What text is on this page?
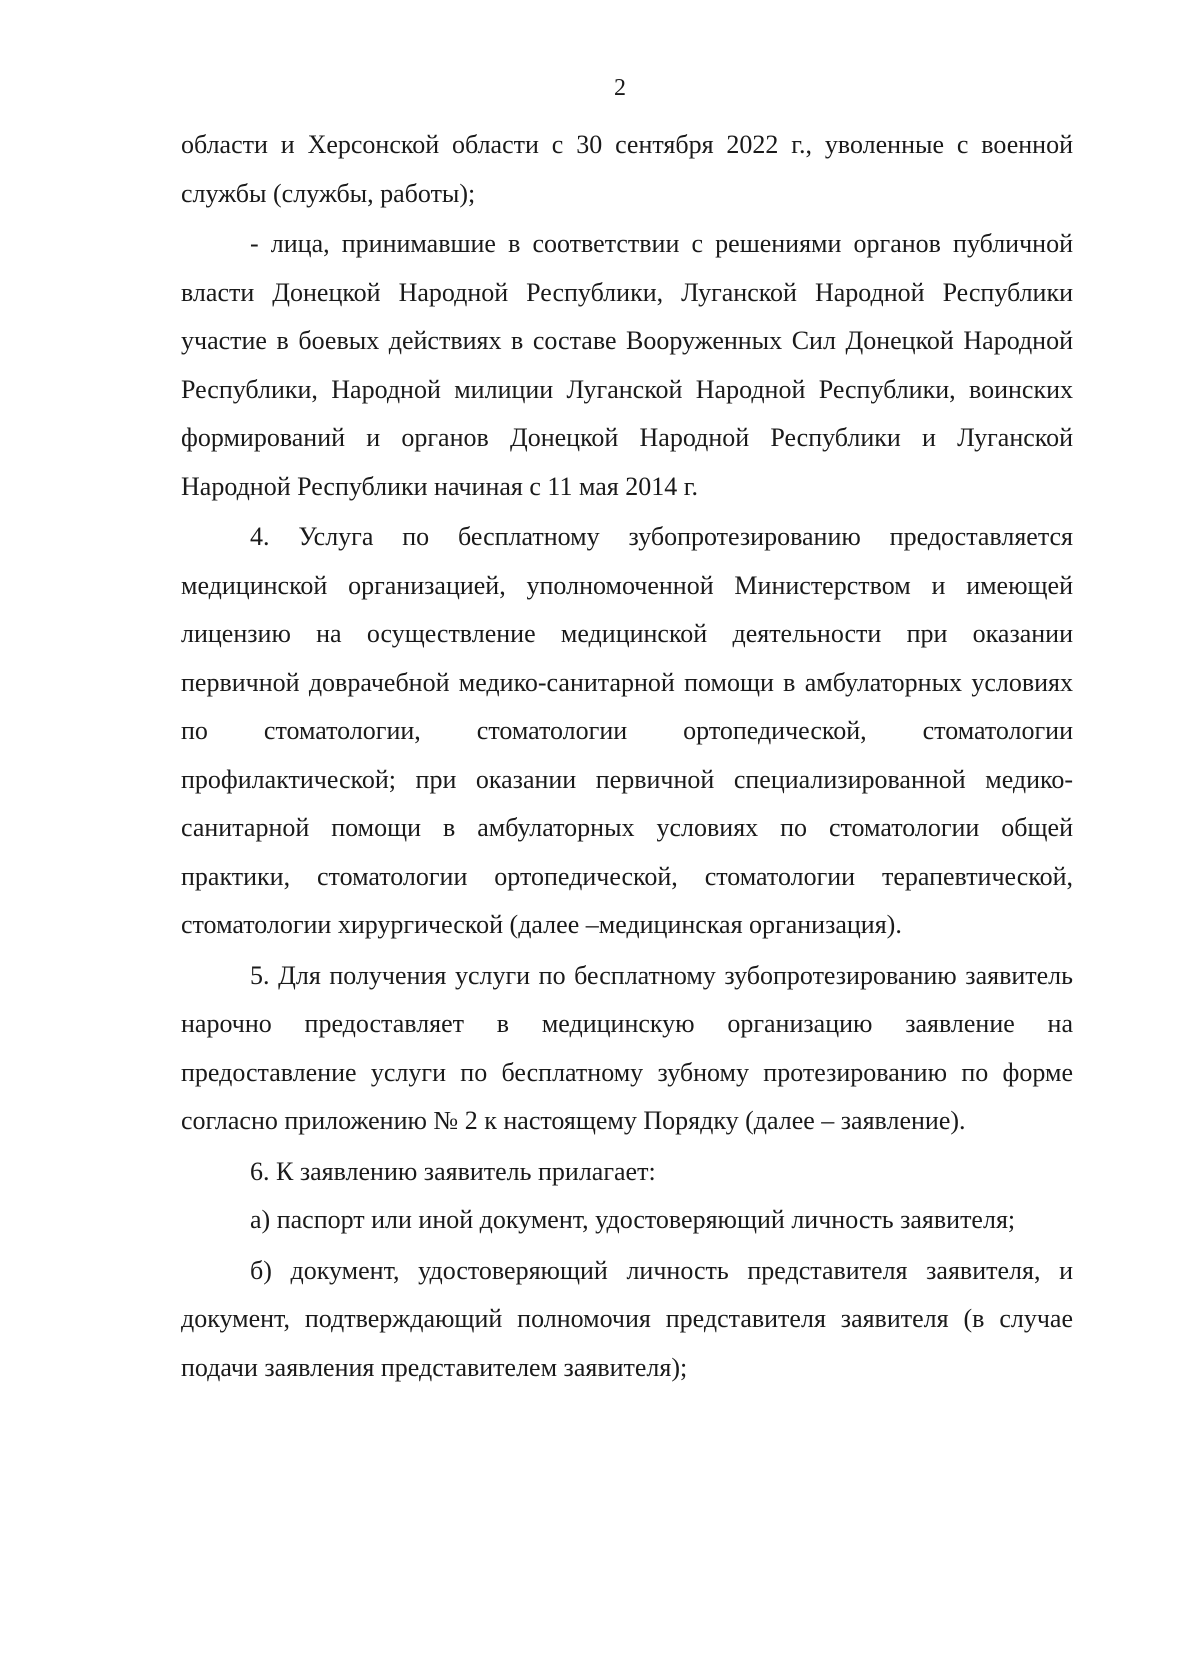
2

области и Херсонской области с 30 сентября 2022 г., уволенные с военной службы (службы, работы);

- лица, принимавшие в соответствии с решениями органов публичной власти Донецкой Народной Республики, Луганской Народной Республики участие в боевых действиях в составе Вооруженных Сил Донецкой Народной Республики, Народной милиции Луганской Народной Республики, воинских формирований и органов Донецкой Народной Республики и Луганской Народной Республики начиная с 11 мая 2014 г.

4. Услуга по бесплатному зубопротезированию предоставляется медицинской организацией, уполномоченной Министерством и имеющей лицензию на осуществление медицинской деятельности при оказании первичной доврачебной медико-санитарной помощи в амбулаторных условиях по стоматологии, стоматологии ортопедической, стоматологии профилактической; при оказании первичной специализированной медико-санитарной помощи в амбулаторных условиях по стоматологии общей практики, стоматологии ортопедической, стоматологии терапевтической, стоматологии хирургической (далее –медицинская организация).

5. Для получения услуги по бесплатному зубопротезированию заявитель нарочно предоставляет в медицинскую организацию заявление на предоставление услуги по бесплатному зубному протезированию по форме согласно приложению № 2 к настоящему Порядку (далее – заявление).

6. К заявлению заявитель прилагает:

а) паспорт или иной документ, удостоверяющий личность заявителя;

б) документ, удостоверяющий личность представителя заявителя, и документ, подтверждающий полномочия представителя заявителя (в случае подачи заявления представителем заявителя);
